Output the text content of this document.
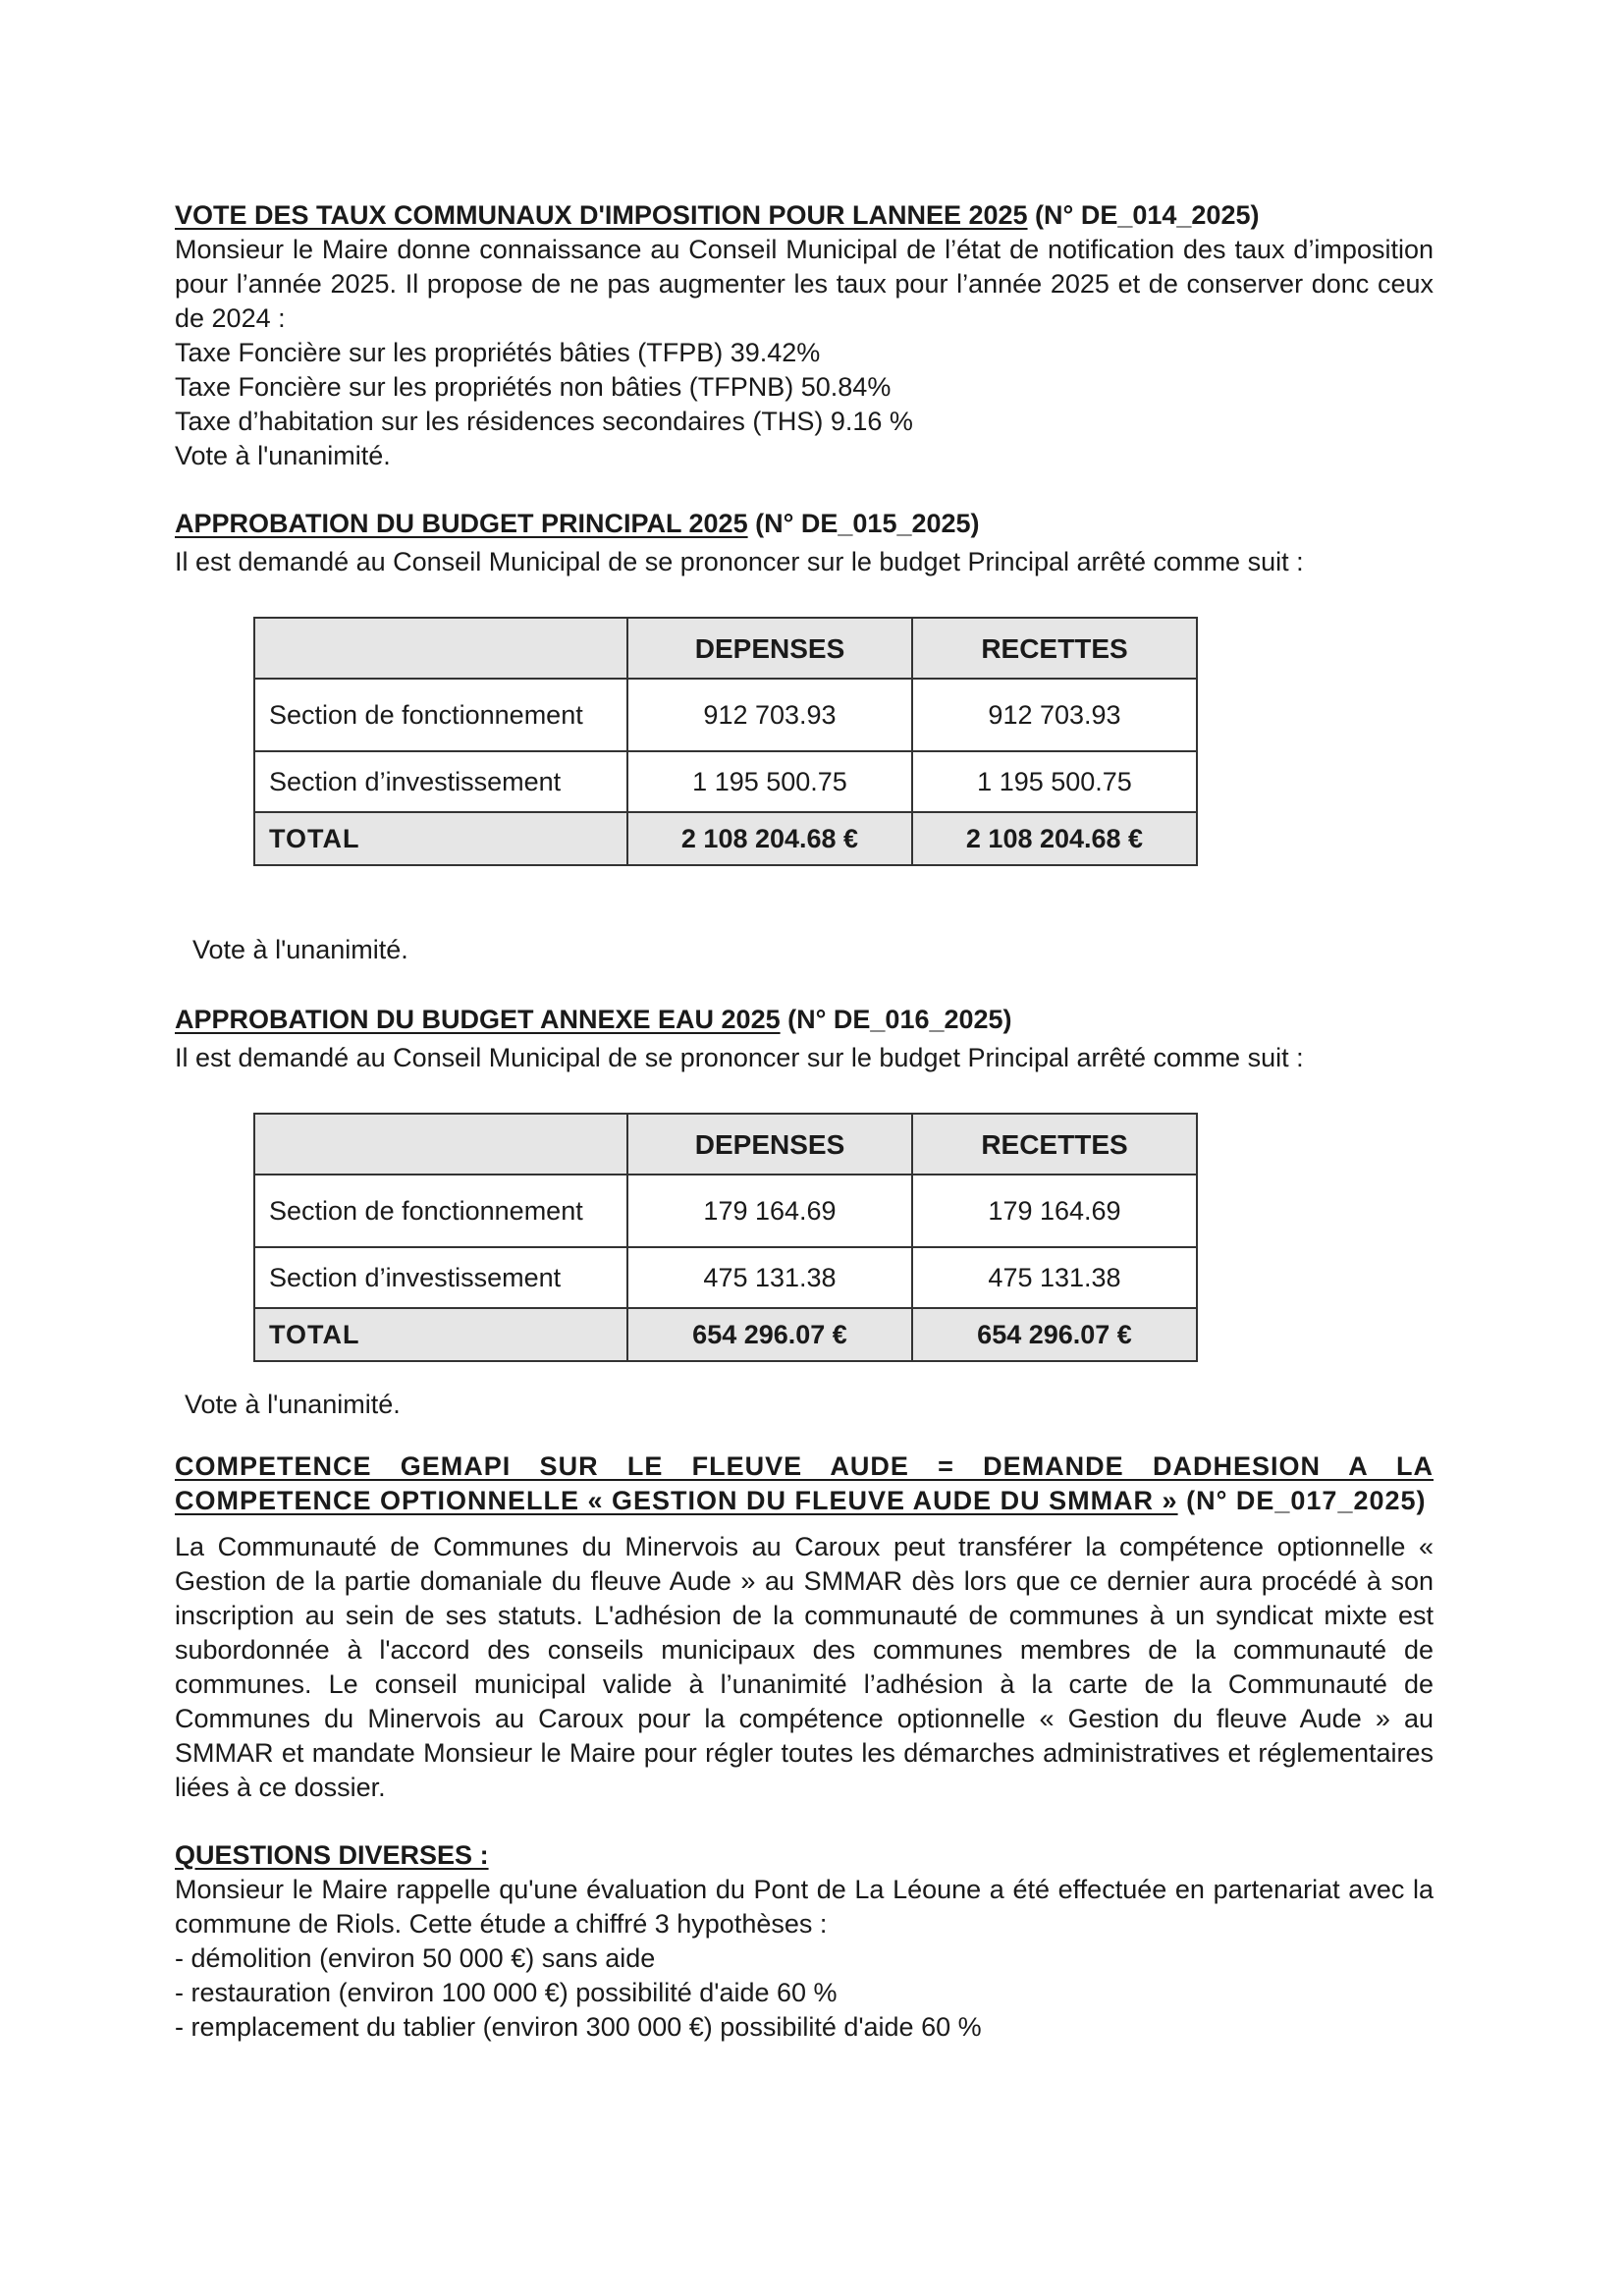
VOTE DES TAUX COMMUNAUX D'IMPOSITION POUR LANNEE 2025 (N° DE_014_2025)

Monsieur le Maire donne connaissance au Conseil Municipal de l’état de notification des taux d’imposition pour l’année 2025. Il propose de ne pas augmenter les taux pour l’année 2025 et de conserver donc ceux de 2024 :

Taxe Foncière sur les propriétés bâties (TFPB) 39.42%

Taxe Foncière sur les propriétés non bâties (TFPNB) 50.84%

Taxe d’habitation sur les résidences secondaires (THS) 9.16 %

Vote à l'unanimité.

APPROBATION DU BUDGET PRINCIPAL 2025 (N° DE_015_2025)

Il est demandé au Conseil Municipal de se prononcer sur le budget Principal arrêté comme suit :

	DEPENSES	RECETTES
Section de fonctionnement	912 703.93	912 703.93
Section d’investissement	1 195 500.75	1 195 500.75
TOTAL	2 108 204.68 €	2 108 204.68 €

Vote à l'unanimité.

APPROBATION DU BUDGET ANNEXE EAU 2025 (N° DE_016_2025)

Il est demandé au Conseil Municipal de se prononcer sur le budget Principal arrêté comme suit :

	DEPENSES	RECETTES
Section de fonctionnement	179 164.69	179 164.69
Section d’investissement	475 131.38	475 131.38
TOTAL	654 296.07 €	654 296.07 €

Vote à l'unanimité.

COMPETENCE GEMAPI SUR LE FLEUVE AUDE = DEMANDE DADHESION A LA COMPETENCE OPTIONNELLE « GESTION DU FLEUVE AUDE DU SMMAR » (N° DE_017_2025)

La Communauté de Communes du Minervois au Caroux peut transférer la compétence optionnelle « Gestion de la partie domaniale du fleuve Aude » au SMMAR dès lors que ce dernier aura procédé à son inscription au sein de ses statuts. L'adhésion de la communauté de communes à un syndicat mixte est subordonnée à l'accord des conseils municipaux des communes membres de la communauté de communes. Le conseil municipal valide à l’unanimité l’adhésion à la carte de la Communauté de Communes du Minervois au Caroux pour la compétence optionnelle « Gestion du fleuve Aude » au SMMAR et mandate Monsieur le Maire pour régler toutes les démarches administratives et réglementaires liées à ce dossier.

QUESTIONS DIVERSES :

Monsieur le Maire rappelle qu'une évaluation du Pont de La Léoune a été effectuée en partenariat avec la commune de Riols. Cette étude a chiffré 3 hypothèses :

- démolition (environ 50 000 €) sans aide
- restauration (environ 100 000 €) possibilité d'aide 60 %
- remplacement du tablier (environ 300 000 €) possibilité d'aide 60 %
